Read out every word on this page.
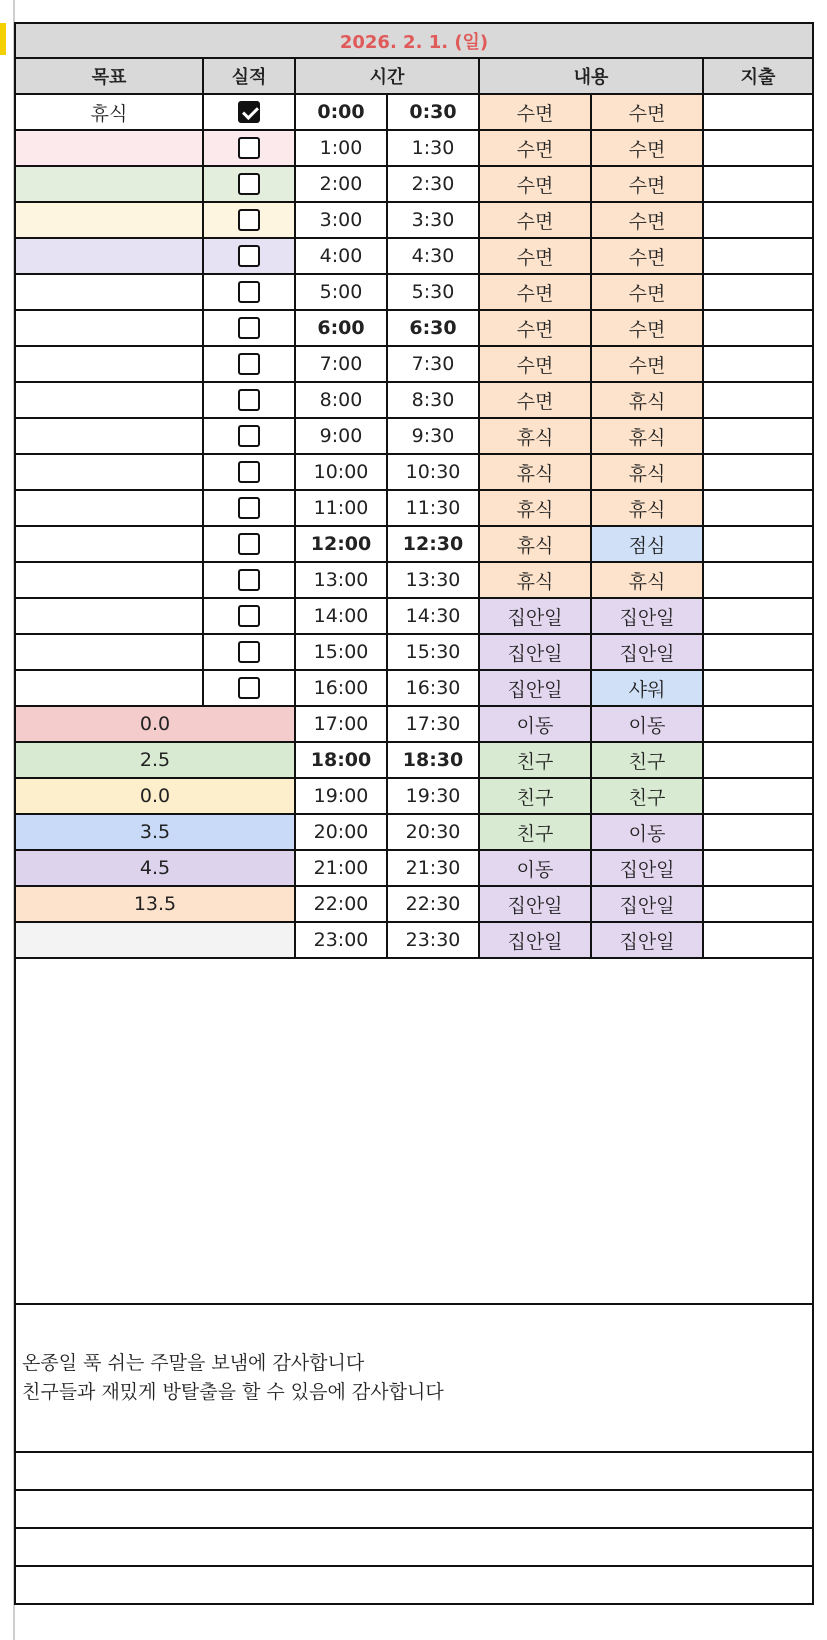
2026. 2. 1. (일)						
목표	실적	시간		내용		지출
휴식		0:00	0:30	수면	수면	
		1:00	1:30	수면	수면	
		2:00	2:30	수면	수면	
		3:00	3:30	수면	수면	
		4:00	4:30	수면	수면	
		5:00	5:30	수면	수면	
		6:00	6:30	수면	수면	
		7:00	7:30	수면	수면	
		8:00	8:30	수면	휴식	
		9:00	9:30	휴식	휴식	
		10:00	10:30	휴식	휴식	
		11:00	11:30	휴식	휴식	
		12:00	12:30	휴식	점심	
		13:00	13:30	휴식	휴식	
		14:00	14:30	집안일	집안일	
		15:00	15:30	집안일	집안일	
		16:00	16:30	집안일	샤워	
0.0		17:00	17:30	이동	이동	
2.5		18:00	18:30	친구	친구	
0.0		19:00	19:30	친구	친구	
3.5		20:00	20:30	친구	이동	
4.5		21:00	21:30	이동	집안일	
13.5		22:00	22:30	집안일	집안일	
		23:00	23:30	집안일	집안일	

온종일 푹 쉬는 주말을 보냄에 감사합니다
친구들과 재밌게 방탈출을 할 수 있음에 감사합니다						
